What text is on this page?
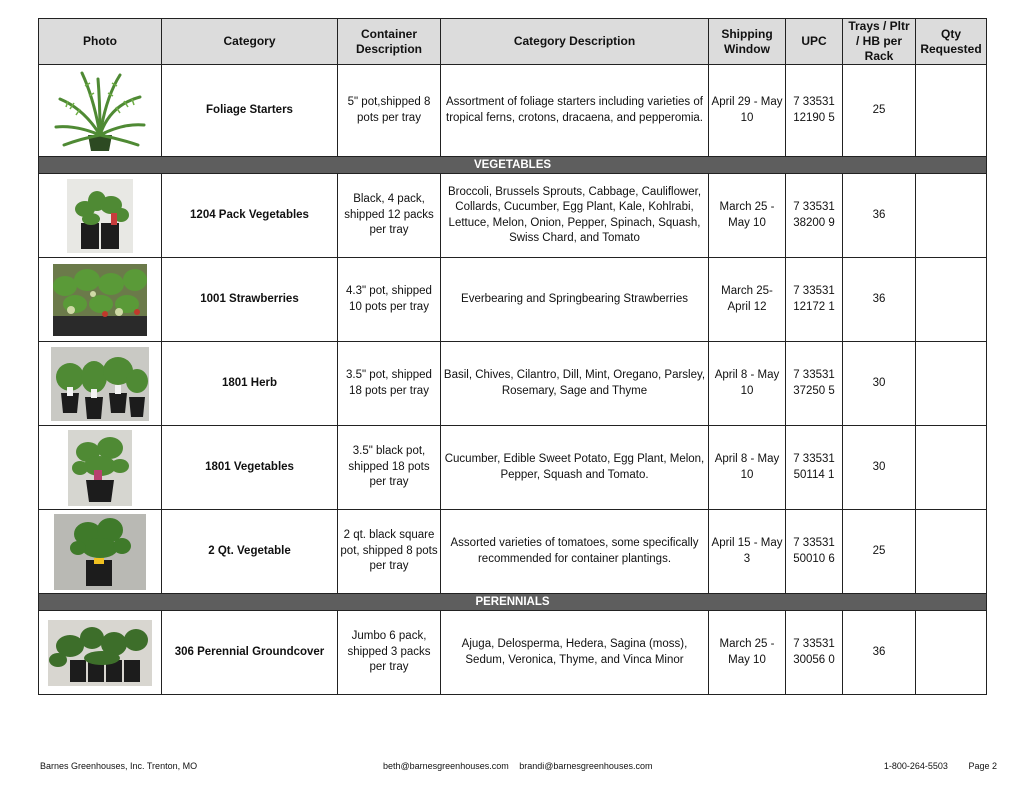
Photo	Category	Container Description	Category Description	Shipping Window	UPC	Trays / Pltr / HB per Rack	Qty Requested

	Foliage Starters	5" pot,shipped 8 pots per tray	Assortment of foliage starters including varieties of tropical ferns, crotons, dracaena, and pepperomia.	April 29 - May 10	7 33531 12190 5	25	
VEGETABLES							

	1204 Pack Vegetables	Black, 4 pack, shipped 12 packs per tray	Broccoli, Brussels Sprouts, Cabbage, Cauliflower, Collards, Cucumber, Egg Plant, Kale, Kohlrabi, Lettuce, Melon, Onion, Pepper, Spinach, Squash, Swiss Chard, and Tomato	March 25 - May 10	7 33531 38200 9	36	

	1001 Strawberries	4.3" pot, shipped 10 pots per tray	Everbearing and Springbearing Strawberries	March 25- April 12	7 33531 12172 1	36	

	1801 Herb	3.5" pot, shipped 18 pots per tray	Basil, Chives, Cilantro, Dill, Mint, Oregano, Parsley, Rosemary, Sage and Thyme	April 8 - May 10	7 33531 37250 5	30	

	1801 Vegetables	3.5" black pot, shipped 18 pots per tray	Cucumber, Edible Sweet Potato, Egg Plant, Melon, Pepper, Squash and Tomato.	April 8 - May 10	7 33531 50114 1	30	

	2 Qt. Vegetable	2 qt. black square pot, shipped 8 pots per tray	Assorted varieties of tomatoes, some specifically recommended for container plantings.	April 15 - May 3	7 33531 50010 6	25	
PERENNIALS							

	306 Perennial Groundcover	Jumbo 6 pack, shipped 3 packs per tray	Ajuga, Delosperma, Hedera, Sagina (moss), Sedum, Veronica, Thyme, and Vinca Minor	March 25 - May 10	7 33531 30056 0	36	
Barnes Greenhouses, Inc. Trenton, MO	beth@barnesgreenhouses.com brandi@barnesgreenhouses.com	1-800-264-5503 Page 2
